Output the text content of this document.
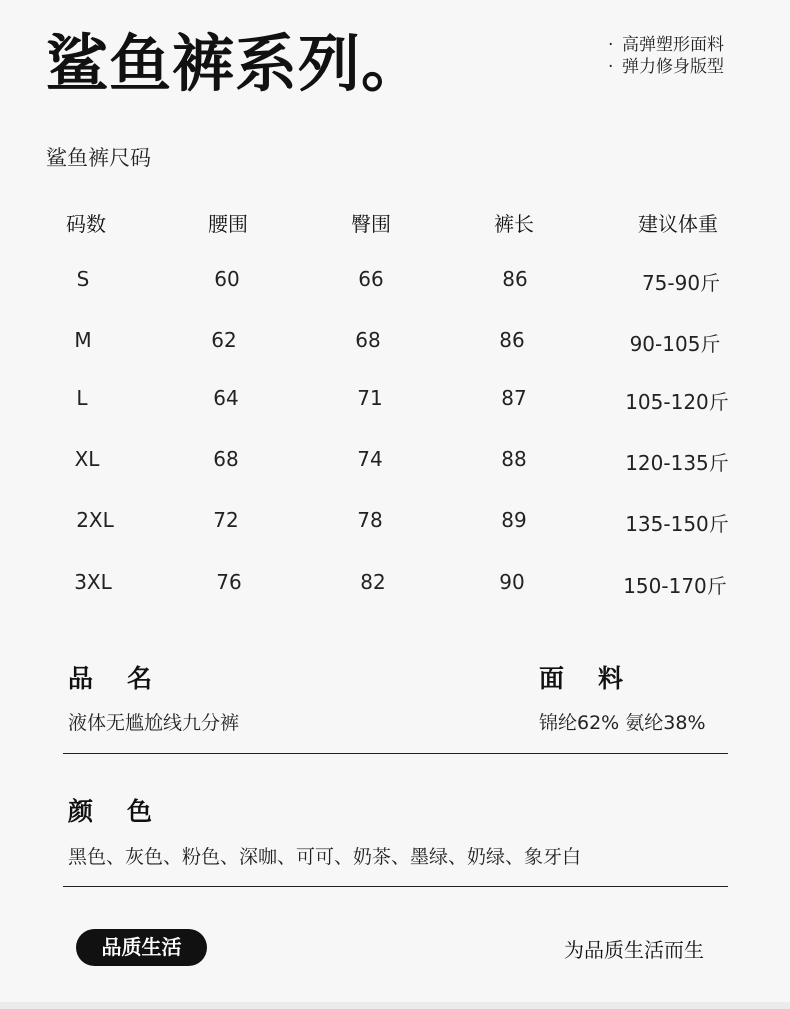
鲨鱼裤系列。	· 高弹塑形面料
· 弹力修身版型
鲨鱼裤尺码
码数	腰围	臀围	裤长	建议体重
S	60	66	86	75-90斤
M	62	68	86	90-105斤
L	64	71	87	105-120斤
XL	68	74	88	120-135斤
2XL	72	78	89	135-150斤
3XL	76	82	90	150-170斤
品名
液体无尴尬线九分裤
面料
锦纶62% 氨纶38%
颜色
黑色、灰色、粉色、深咖、可可、奶茶、墨绿、奶绿、象牙白
品质生活	为品质生活而生
